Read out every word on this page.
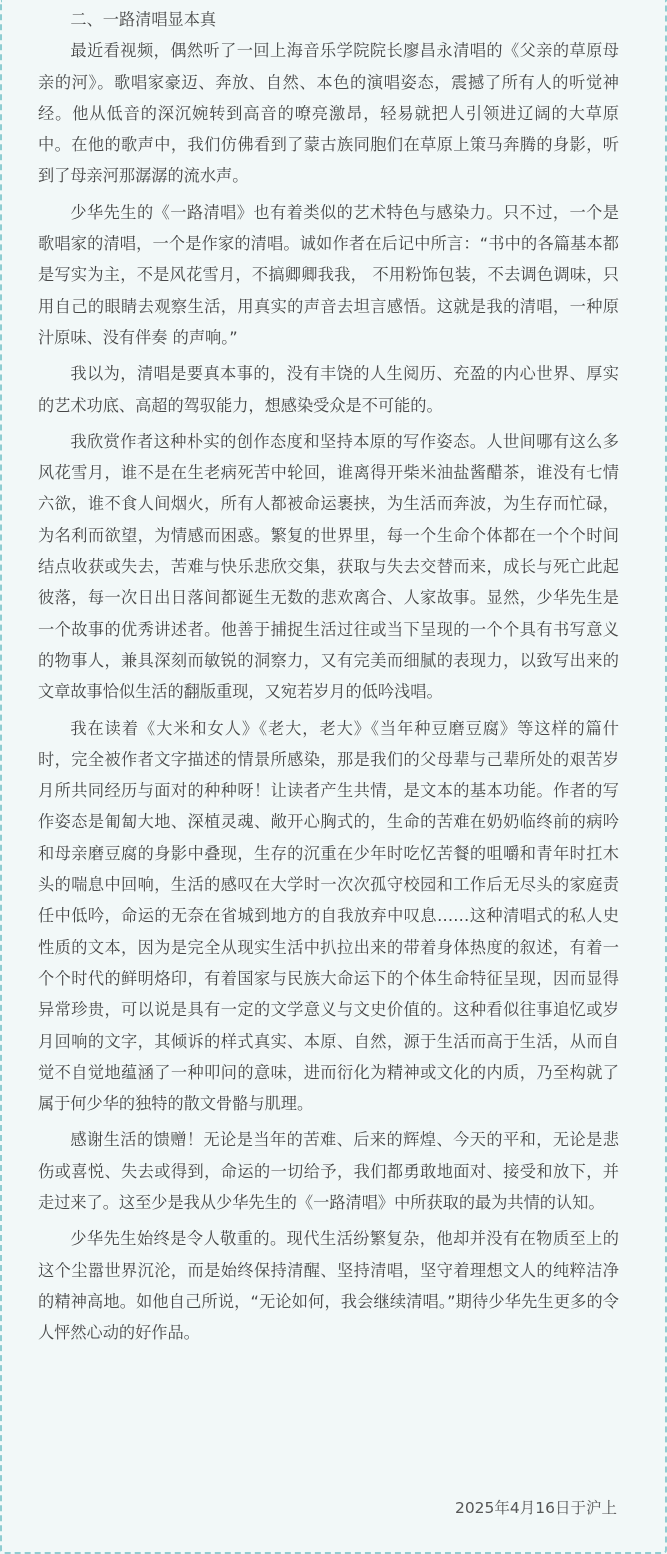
二、一路清唱显本真

最近看视频，偶然听了一回上海音乐学院院长廖昌永清唱的《父亲的草原母亲的河》。歌唱家豪迈、奔放、自然、本色的演唱姿态，震撼了所有人的听觉神经。他从低音的深沉婉转到高音的嘹亮激昂，轻易就把人引领进辽阔的大草原中。在他的歌声中，我们仿佛看到了蒙古族同胞们在草原上策马奔腾的身影，听到了母亲河那潺潺的流水声。

少华先生的《一路清唱》也有着类似的艺术特色与感染力。只不过，一个是歌唱家的清唱，一个是作家的清唱。诚如作者在后记中所言：“书中的各篇基本都是写实为主，不是风花雪月，不搞卿卿我我， 不用粉饰包装，不去调色调味，只用自己的眼睛去观察生活，用真实的声音去坦言感悟。这就是我的清唱，一种原汁原味、没有伴奏 的声响。”

我以为，清唱是要真本事的，没有丰饶的人生阅历、充盈的内心世界、厚实的艺术功底、高超的驾驭能力，想感染受众是不可能的。

我欣赏作者这种朴实的创作态度和坚持本原的写作姿态。人世间哪有这么多风花雪月，谁不是在生老病死苦中轮回，谁离得开柴米油盐酱醋茶，谁没有七情六欲，谁不食人间烟火，所有人都被命运裹挟，为生活而奔波，为生存而忙碌，为名利而欲望，为情感而困惑。繁复的世界里，每一个生命个体都在一个个时间结点收获或失去，苦难与快乐悲欣交集，获取与失去交替而来，成长与死亡此起彼落，每一次日出日落间都诞生无数的悲欢离合、人家故事。显然，少华先生是一个故事的优秀讲述者。他善于捕捉生活过往或当下呈现的一个个具有书写意义的物事人，兼具深刻而敏锐的洞察力，又有完美而细腻的表现力，以致写出来的文章故事恰似生活的翻版重现，又宛若岁月的低吟浅唱。

我在读着《大米和女人》《老大，老大》《当年种豆磨豆腐》等这样的篇什时，完全被作者文字描述的情景所感染，那是我们的父母辈与己辈所处的艰苦岁月所共同经历与面对的种种呀！让读者产生共情，是文本的基本功能。作者的写作姿态是匍匐大地、深植灵魂、敞开心胸式的，生命的苦难在奶奶临终前的病吟和母亲磨豆腐的身影中叠现，生存的沉重在少年时吃忆苦餐的咀嚼和青年时扛木头的喘息中回响，生活的感叹在大学时一次次孤守校园和工作后无尽头的家庭责任中低吟，命运的无奈在省城到地方的自我放弃中叹息……这种清唱式的私人史性质的文本，因为是完全从现实生活中扒拉出来的带着身体热度的叙述，有着一个个时代的鲜明烙印，有着国家与民族大命运下的个体生命特征呈现，因而显得异常珍贵，可以说是具有一定的文学意义与文史价值的。这种看似往事追忆或岁月回响的文字，其倾诉的样式真实、本原、自然，源于生活而高于生活，从而自觉不自觉地蕴涵了一种叩问的意味，进而衍化为精神或文化的内质，乃至构就了属于何少华的独特的散文骨骼与肌理。

感谢生活的馈赠！无论是当年的苦难、后来的辉煌、今天的平和，无论是悲伤或喜悦、失去或得到，命运的一切给予，我们都勇敢地面对、接受和放下，并走过来了。这至少是我从少华先生的《一路清唱》中所获取的最为共情的认知。

少华先生始终是令人敬重的。现代生活纷繁复杂，他却并没有在物质至上的这个尘嚣世界沉沦，而是始终保持清醒、坚持清唱，坚守着理想文人的纯粹洁净的精神高地。如他自己所说，“无论如何，我会继续清唱。”期待少华先生更多的令人怦然心动的好作品。

2025年4月16日于沪上
